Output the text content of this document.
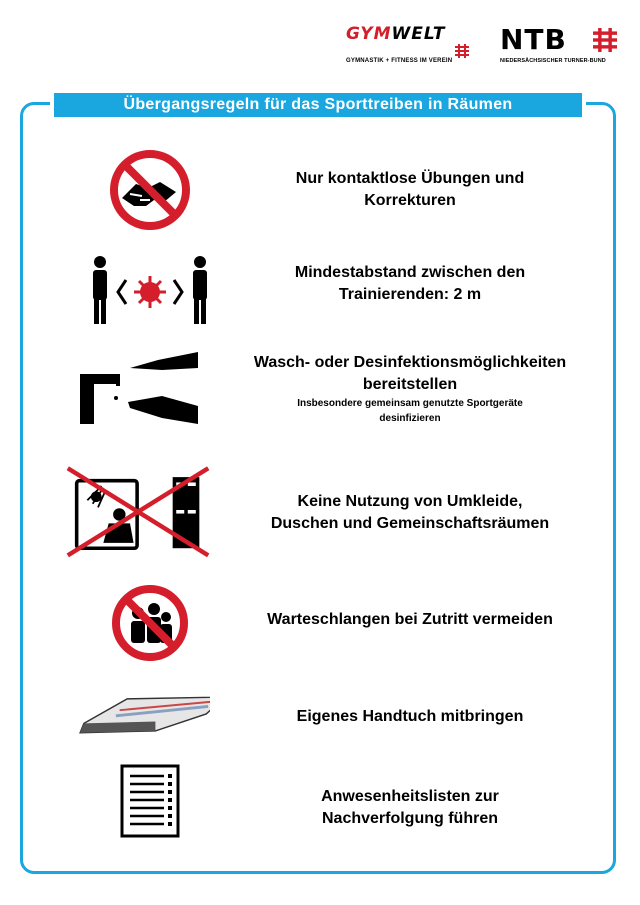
GYMWELT
GYMNASTIK + FITNESS IM VEREIN
NTB
NIEDERSÄCHSISCHER TURNER-BUND
Übergangsregeln für das Sporttreiben in Räumen
Nur kontaktlose Übungen und
Korrekturen
Mindestabstand zwischen den
Trainierenden: 2 m
Wasch- oder Desinfektionsmöglichkeiten
bereitstellen
Insbesondere gemeinsam genutzte Sportgeräte
desinfizieren
Keine Nutzung von Umkleide,
Duschen und Gemeinschaftsräumen
Warteschlangen bei Zutritt vermeiden
Eigenes Handtuch mitbringen
Anwesenheitslisten zur
Nachverfolgung führen
